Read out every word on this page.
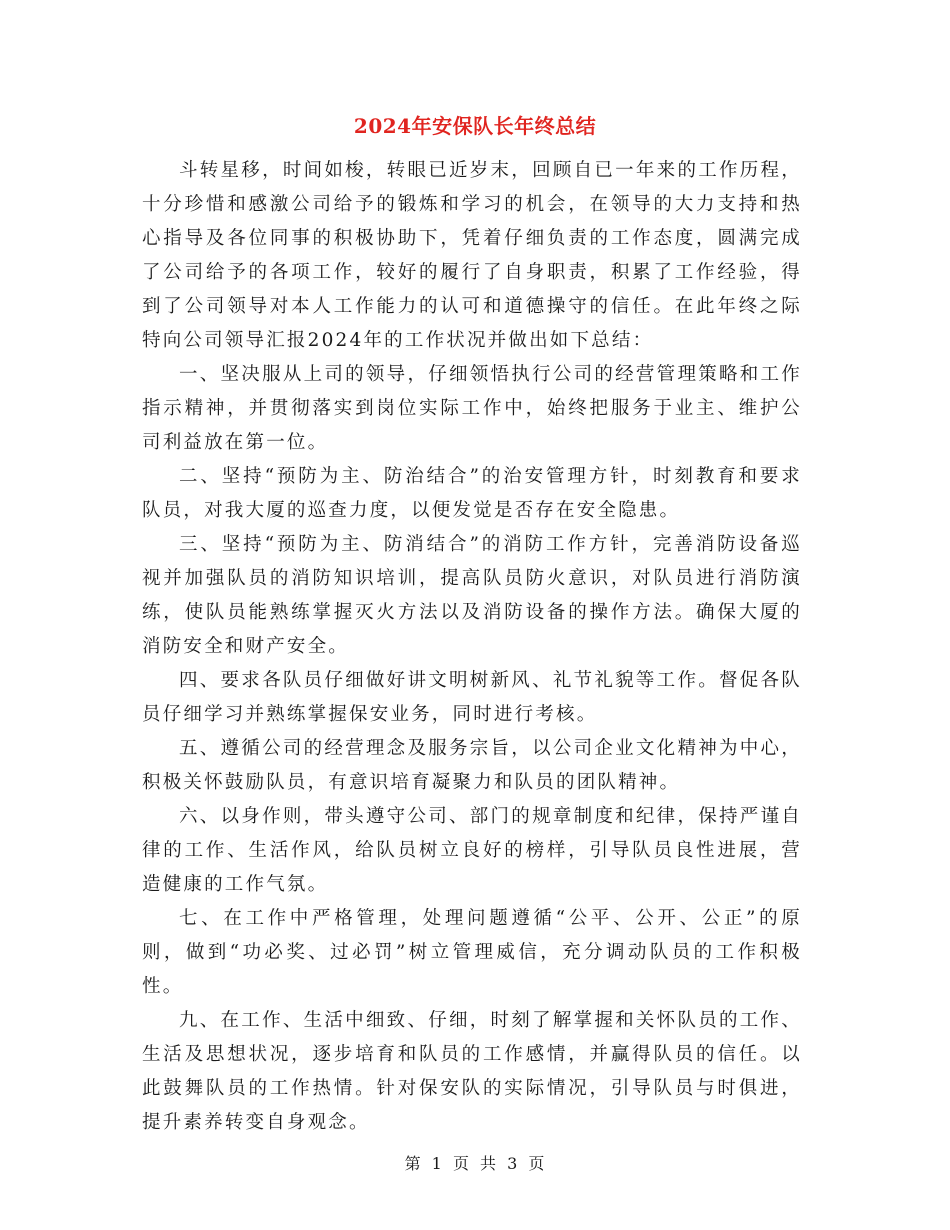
2024年安保队长年终总结

斗转星移，时间如梭，转眼已近岁末，回顾自已一年来的工作历程，十分珍惜和感激公司给予的锻炼和学习的机会，在领导的大力支持和热心指导及各位同事的积极协助下，凭着仔细负责的工作态度，圆满完成了公司给予的各项工作，较好的履行了自身职责，积累了工作经验，得到了公司领导对本人工作能力的认可和道德操守的信任。在此年终之际特向公司领导汇报2024年的工作状况并做出如下总结：

一、坚决服从上司的领导，仔细领悟执行公司的经营管理策略和工作指示精神，并贯彻落实到岗位实际工作中，始终把服务于业主、维护公司利益放在第一位。

二、坚持“预防为主、防治结合”的治安管理方针，时刻教育和要求队员，对我大厦的巡查力度，以便发觉是否存在安全隐患。

三、坚持“预防为主、防消结合”的消防工作方针，完善消防设备巡视并加强队员的消防知识培训，提高队员防火意识，对队员进行消防演练，使队员能熟练掌握灭火方法以及消防设备的操作方法。确保大厦的消防安全和财产安全。

四、要求各队员仔细做好讲文明树新风、礼节礼貌等工作。督促各队员仔细学习并熟练掌握保安业务，同时进行考核。

五、遵循公司的经营理念及服务宗旨，以公司企业文化精神为中心，积极关怀鼓励队员，有意识培育凝聚力和队员的团队精神。

六、以身作则，带头遵守公司、部门的规章制度和纪律，保持严谨自律的工作、生活作风，给队员树立良好的榜样，引导队员良性进展，营造健康的工作气氛。

七、在工作中严格管理，处理问题遵循“公平、公开、公正”的原则，做到“功必奖、过必罚”树立管理威信，充分调动队员的工作积极性。

九、在工作、生活中细致、仔细，时刻了解掌握和关怀队员的工作、生活及思想状况，逐步培育和队员的工作感情，并赢得队员的信任。以此鼓舞队员的工作热情。针对保安队的实际情况，引导队员与时俱进，提升素养转变自身观念。

第 1 页 共 3 页
